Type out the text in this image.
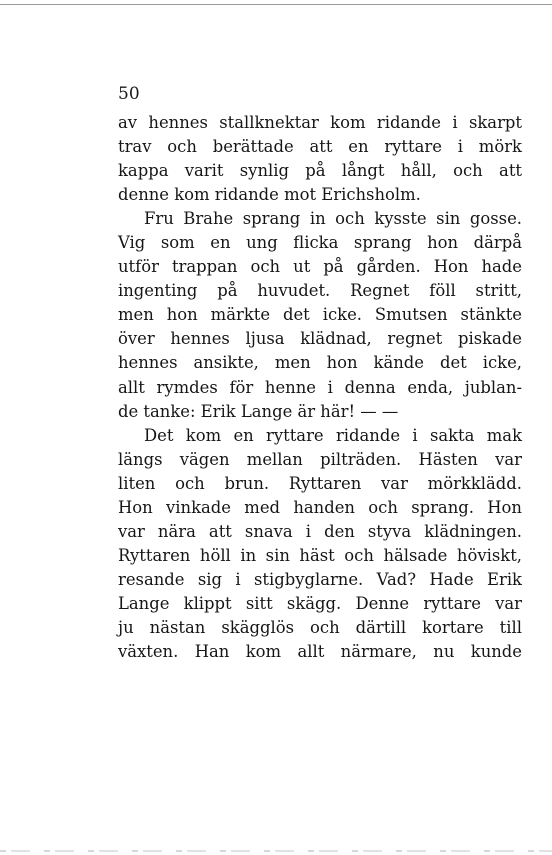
50
av hennes stallknektar kom ridande i skarpt
trav och berättade att en ryttare i mörk
kappa varit synlig på långt håll, och att
denne kom ridande mot Erichsholm.
Fru Brahe sprang in och kysste sin gosse.
Vig som en ung flicka sprang hon därpå
utför trappan och ut på gården. Hon hade
ingenting på huvudet. Regnet föll stritt,
men hon märkte det icke. Smutsen stänkte
över hennes ljusa klädnad, regnet piskade
hennes ansikte, men hon kände det icke,
allt rymdes för henne i denna enda, jublan-
de tanke: Erik Lange är här! — —
Det kom en ryttare ridande i sakta mak
längs vägen mellan pilträden. Hästen var
liten och brun. Ryttaren var mörkklädd.
Hon vinkade med handen och sprang. Hon
var nära att snava i den styva klädningen.
Ryttaren höll in sin häst och hälsade höviskt,
resande sig i stigbyglarne. Vad? Hade Erik
Lange klippt sitt skägg. Denne ryttare var
ju nästan skägglös och därtill kortare till
växten. Han kom allt närmare, nu kunde
